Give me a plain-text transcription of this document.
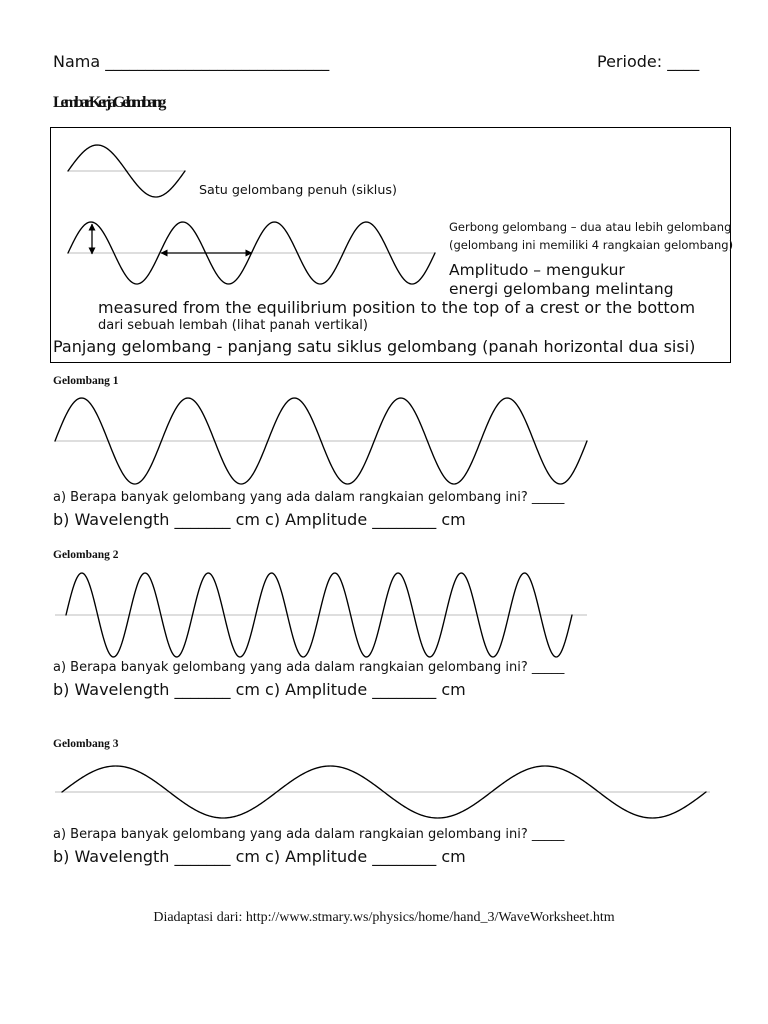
Nama ____________________________	Periode: ____
LembarKerjaGelombang
Satu gelombang penuh (siklus)
Gerbong gelombang – dua atau lebih gelombang
(gelombang ini memiliki 4 rangkaian gelombang)
Amplitudo – mengukur
energi gelombang melintang
measured from the equilibrium position to the top of a crest or the bottom
dari sebuah lembah (lihat panah vertikal)
Panjang gelombang - panjang satu siklus gelombang (panah horizontal dua sisi)
Gelombang 1
a) Berapa banyak gelombang yang ada dalam rangkaian gelombang ini? _____
b) Wavelength _______ cm c) Amplitude ________ cm
Gelombang 2
a) Berapa banyak gelombang yang ada dalam rangkaian gelombang ini? _____
b) Wavelength _______ cm c) Amplitude ________ cm
Gelombang 3
a) Berapa banyak gelombang yang ada dalam rangkaian gelombang ini? _____
b) Wavelength _______ cm c) Amplitude ________ cm
Diadaptasi dari: http://www.stmary.ws/physics/home/hand_3/WaveWorksheet.htm
